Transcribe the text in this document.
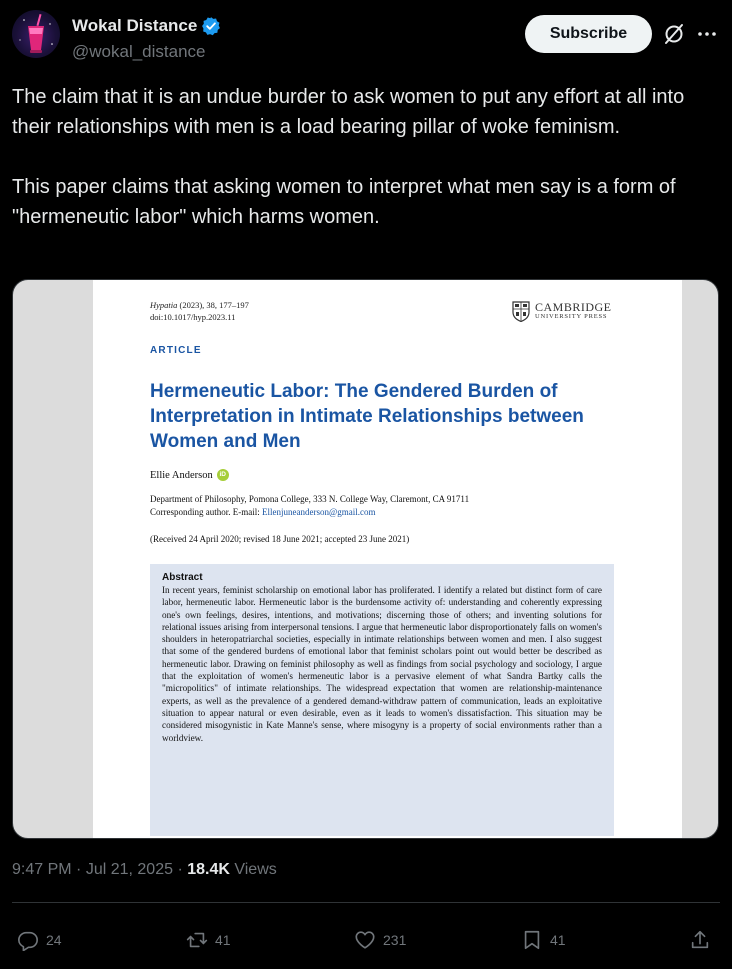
Wokal Distance
@wokal_distance
Subscribe

The claim that it is an undue burder to ask women to put any effort at all into their relationships with men is a load bearing pillar of woke feminism.

This paper claims that asking women to interpret what men say is a form of "hermeneutic labor" which harms women.

Hypatia (2023), 38, 177–197
doi:10.1017/hyp.2023.11
CAMBRIDGE
UNIVERSITY PRESS
ARTICLE
Hermeneutic Labor: The Gendered Burden of Interpretation in Intimate Relationships between Women and Men
Ellie Anderson	iD
Department of Philosophy, Pomona College, 333 N. College Way, Claremont, CA 91711
Corresponding author. E-mail: Ellenjuneanderson@gmail.com
(Received 24 April 2020; revised 18 June 2021; accepted 23 June 2021)
Abstract
In recent years, feminist scholarship on emotional labor has proliferated. I identify a related but distinct form of care labor, hermeneutic labor. Hermeneutic labor is the burdensome activity of: understanding and coherently expressing one's own feelings, desires, intentions, and motivations; discerning those of others; and inventing solutions for relational issues arising from interpersonal tensions. I argue that hermeneutic labor disproportionately falls on women's shoulders in heteropatriarchal societies, especially in intimate relationships between women and men. I also suggest that some of the gendered burdens of emotional labor that feminist scholars point out would better be described as hermeneutic labor. Drawing on feminist philosophy as well as findings from social psychology and sociology, I argue that the exploitation of women's hermeneutic labor is a pervasive element of what Sandra Bartky calls the "micropolitics" of intimate relationships. The widespread expectation that women are relationship-maintenance experts, as well as the prevalence of a gendered demand-withdraw pattern of communication, leads an exploitative situation to appear natural or even desirable, even as it leads to women's dissatisfaction. This situation may be considered misogynistic in Kate Manne's sense, where misogyny is a property of social environments rather than a worldview.
9:47 PM · Jul 21, 2025 · 18.4K Views
24	41	231	41
